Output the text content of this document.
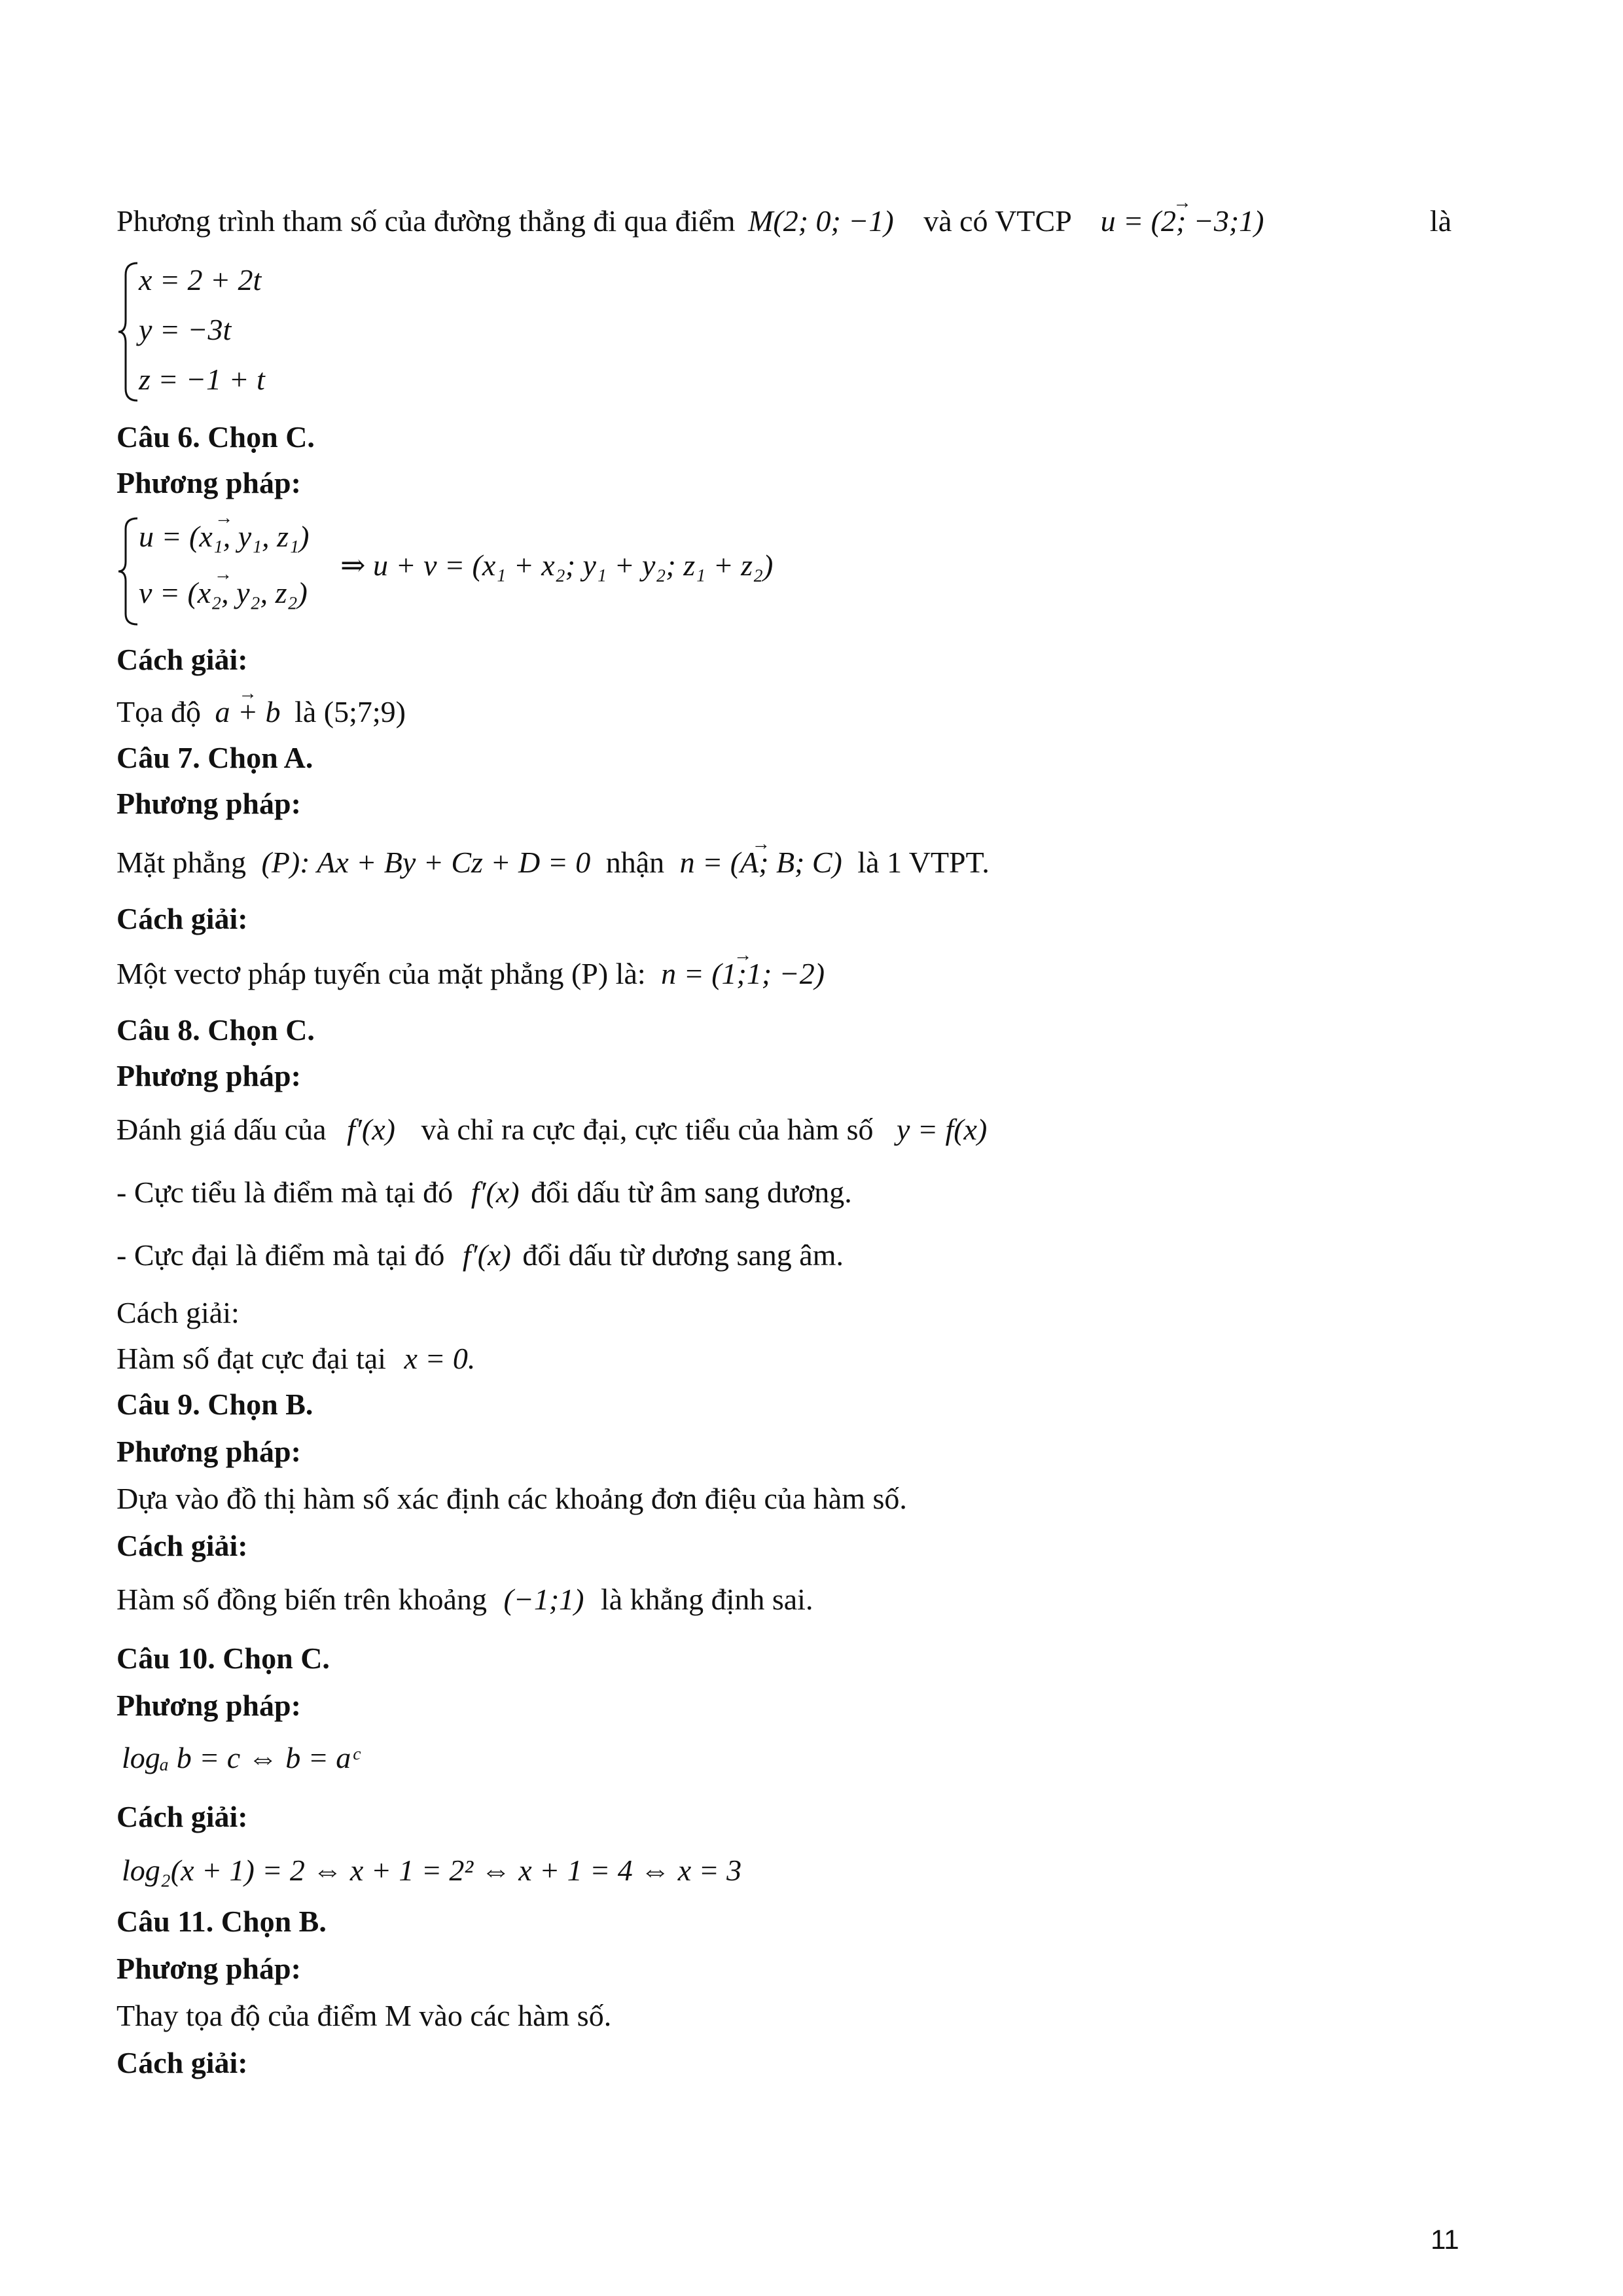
Phương trình tham số của đường thẳng đi qua điểm M(2; 0; −1) và có VTCP → u = (2; −3;1)	là
x = 2 + 2t
y = −3t
z = −1 + t
Câu 6. Chọn C.
Phương pháp:
→ u = (x₁, y₁, z₁)
→ v = (x₂, y₂, z₂)
⇒ u + v = (x₁ + x₂; y₁ + y₂; z₁ + z₂)
Cách giải:
Tọa độ → a + b là (5;7;9)
Câu 7. Chọn A.
Phương pháp:
Mặt phẳng (P): Ax + By + Cz + D = 0 nhận → n = (A; B; C) là 1 VTPT.
Cách giải:
Một vectơ pháp tuyến của mặt phẳng (P) là: → n = (1;1; −2)
Câu 8. Chọn C.
Phương pháp:
Đánh giá dấu của f′(x) và chỉ ra cực đại, cực tiểu của hàm số y = f(x)
- Cực tiểu là điểm mà tại đó f′(x) đổi dấu từ âm sang dương.
- Cực đại là điểm mà tại đó f′(x) đổi dấu từ dương sang âm.
Cách giải:
Hàm số đạt cực đại tại x = 0.
Câu 9. Chọn B.
Phương pháp:
Dựa vào đồ thị hàm số xác định các khoảng đơn điệu của hàm số.
Cách giải:
Hàm số đồng biến trên khoảng (−1;1) là khẳng định sai.
Câu 10. Chọn C.
Phương pháp:
logₐ b = c ⇔ b = aᶜ
Cách giải:
log₂(x + 1) = 2 ⇔ x + 1 = 2² ⇔ x + 1 = 4 ⇔ x = 3
Câu 11. Chọn B.
Phương pháp:
Thay tọa độ của điểm M vào các hàm số.
Cách giải:
11
